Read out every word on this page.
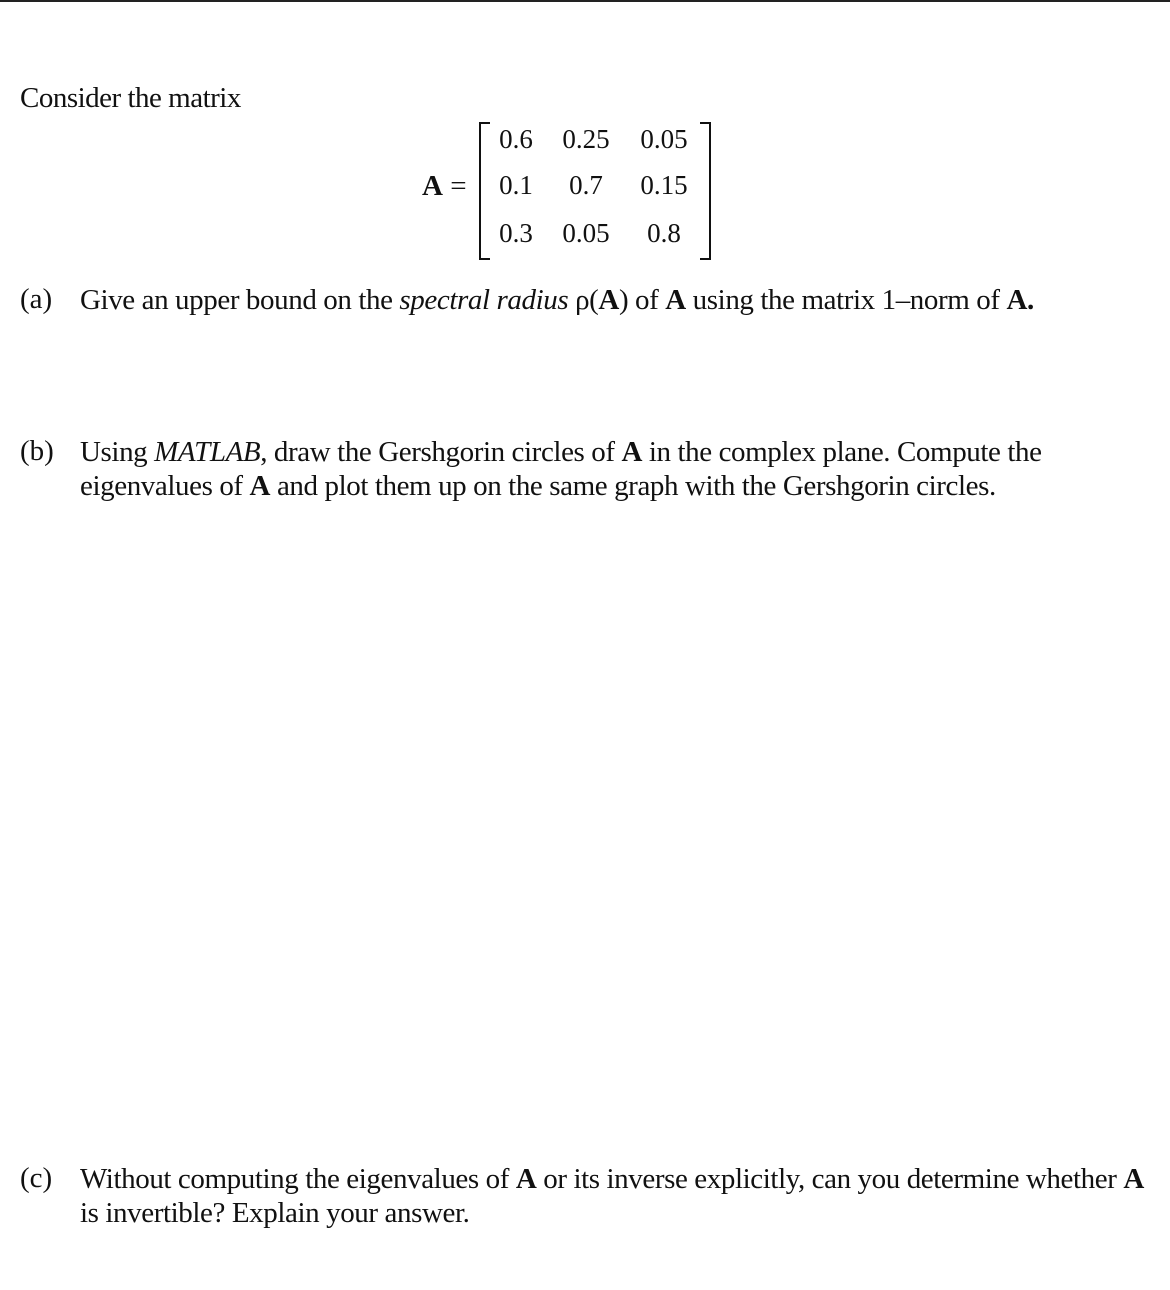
Consider the matrix
A =
0.6	0.25	0.05
0.1	0.7	0.15
0.3	0.05	0.8
(a) Give an upper bound on the spectral radius ρ(A) of A using the matrix 1–norm of A.
(b) Using MATLAB, draw the Gershgorin circles of A in the complex plane. Compute the eigenvalues of A and plot them up on the same graph with the Gershgorin circles.
(c) Without computing the eigenvalues of A or its inverse explicitly, can you determine whether A is invertible? Explain your answer.
